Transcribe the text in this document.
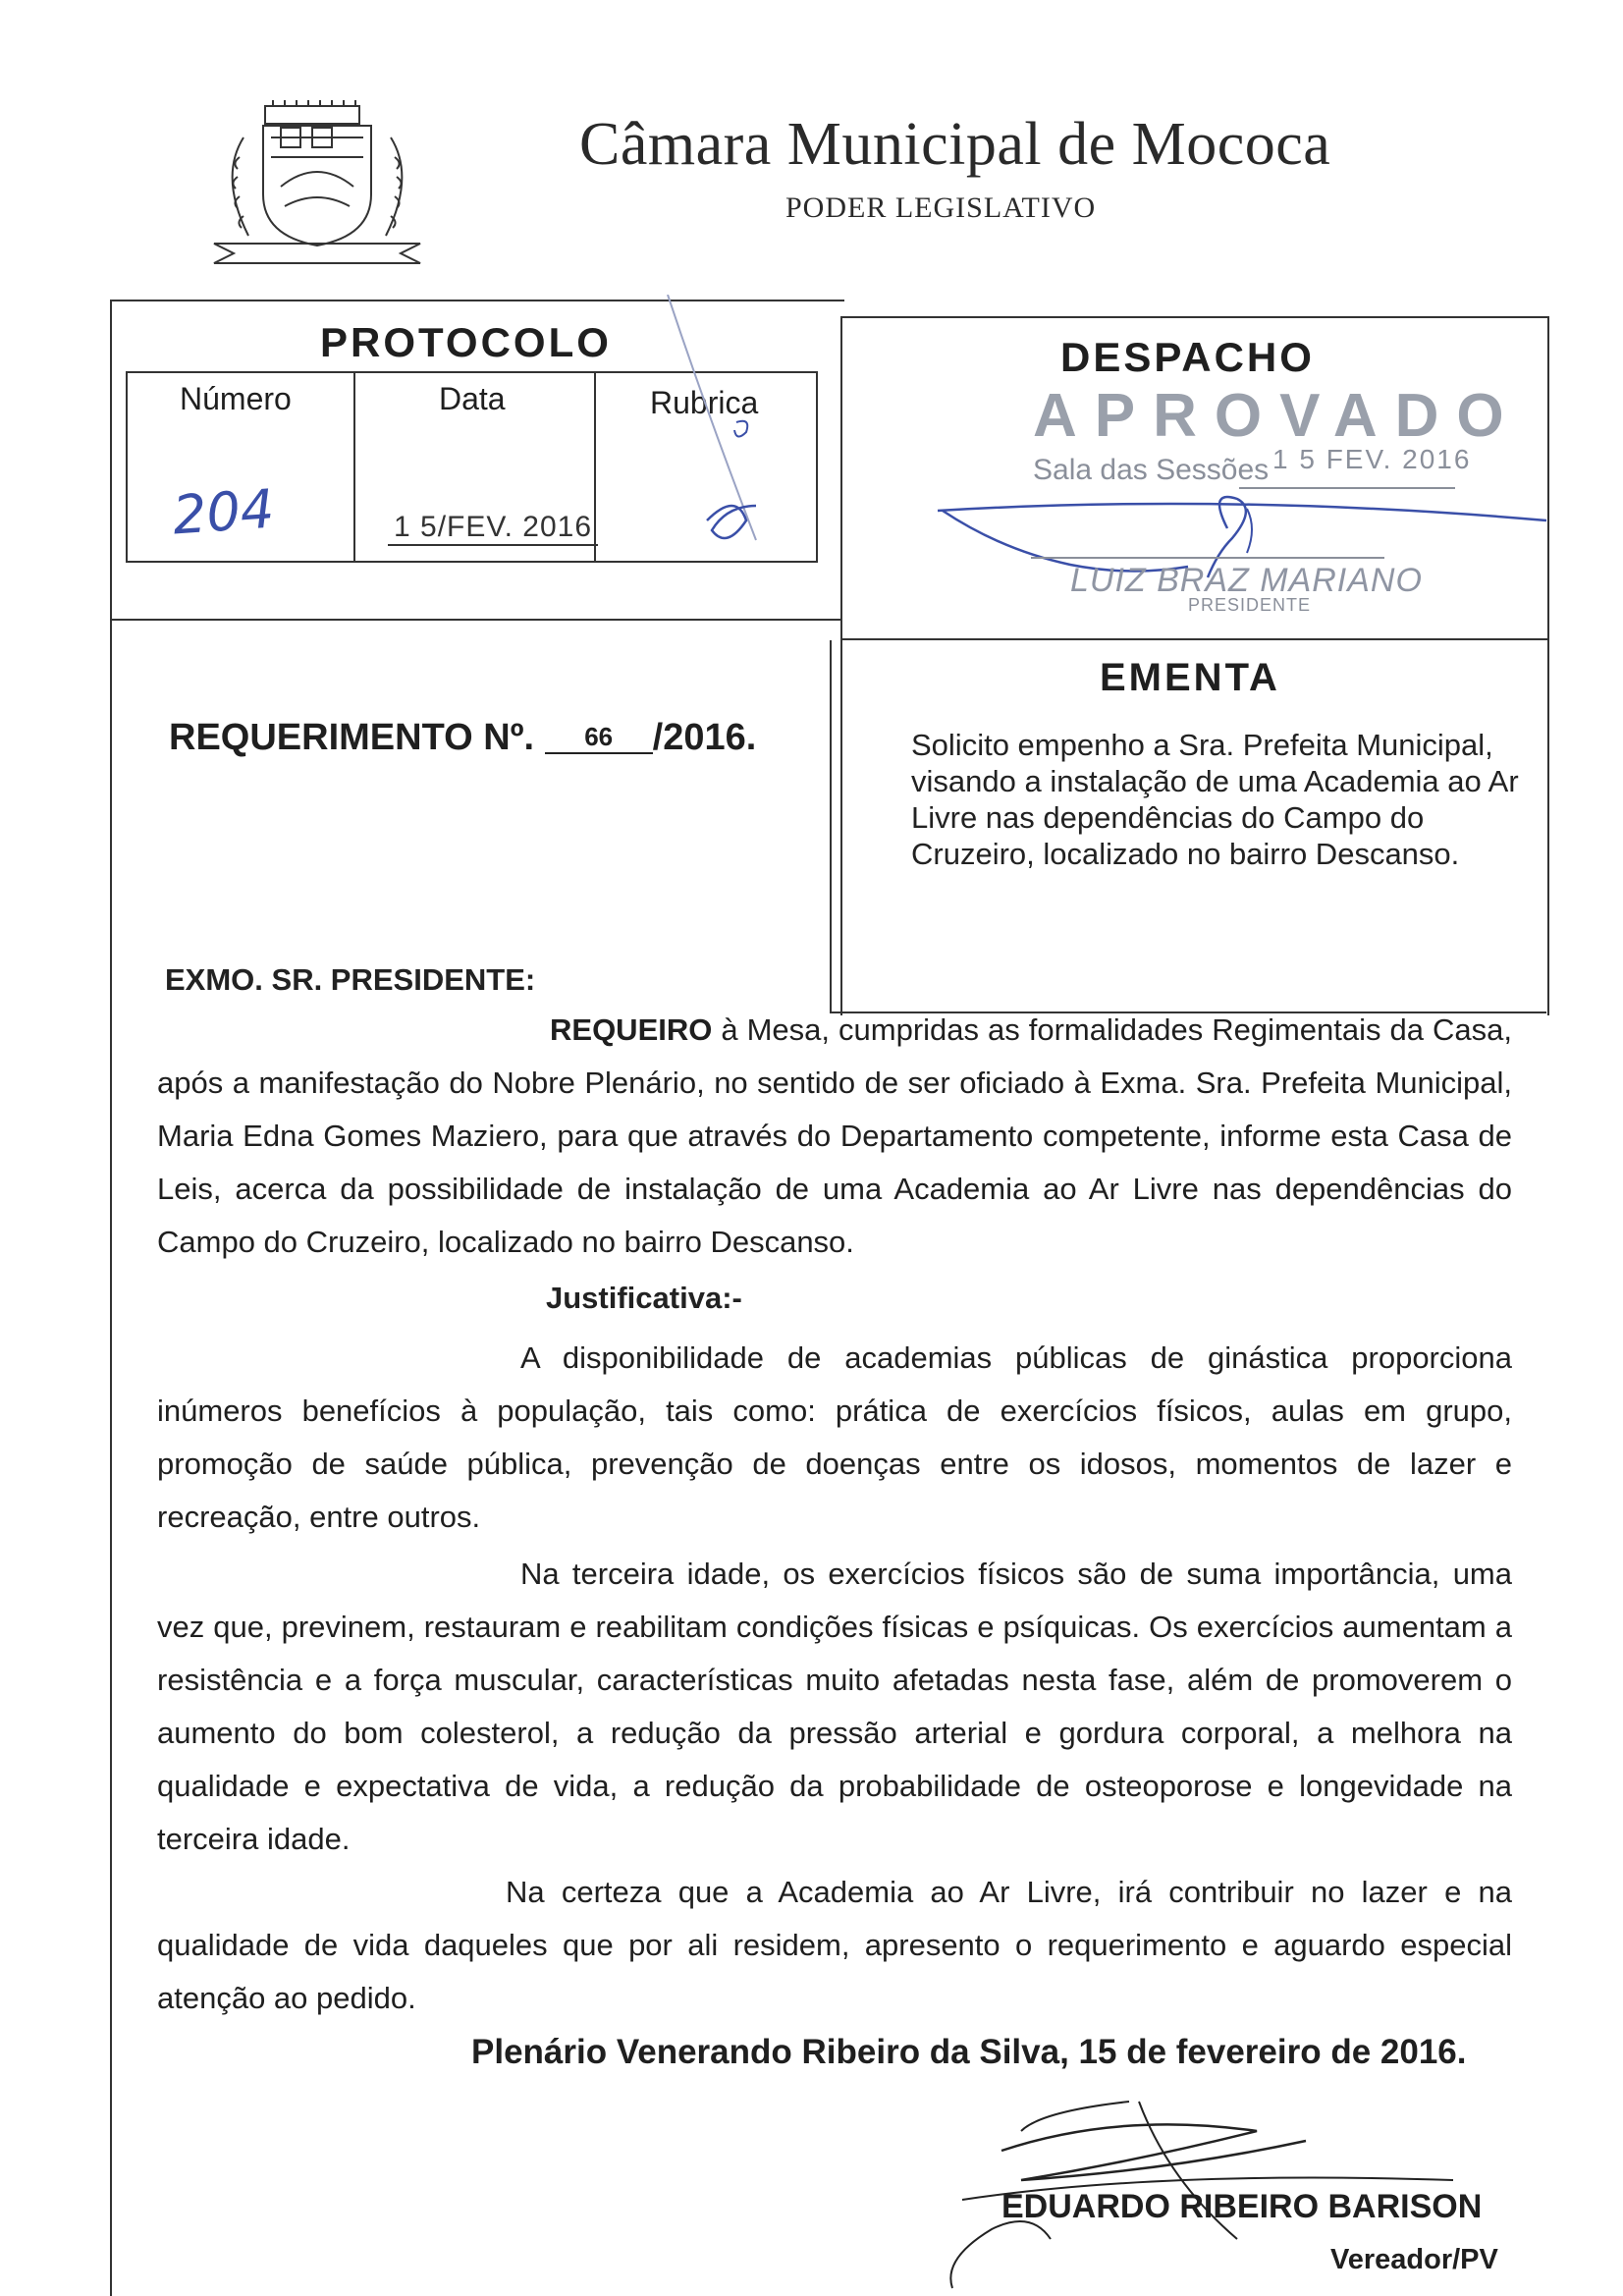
Câmara Municipal de Mococa
PODER LEGISLATIVO
PROTOCOLO
Número	Data	Rubrica
204	1 5/FEV. 2016
DESPACHO
APROVADO
Sala das Sessões 1 5 FEV. 2016
LUIZ BRAZ MARIANO
PRESIDENTE
EMENTA
Solicito empenho a Sra. Prefeita Municipal, visando a instalação de uma Academia ao Ar Livre nas dependências do Campo do Cruzeiro, localizado no bairro Descanso.
REQUERIMENTO Nº. 66 /2016.
EXMO. SR. PRESIDENTE:
REQUEIRO à Mesa, cumpridas as formalidades Regimentais da Casa, após a manifestação do Nobre Plenário, no sentido de ser oficiado à Exma. Sra. Prefeita Municipal, Maria Edna Gomes Maziero, para que através do Departamento competente, informe esta Casa de Leis, acerca da possibilidade de instalação de uma Academia ao Ar Livre nas dependências do Campo do Cruzeiro, localizado no bairro Descanso.
Justificativa:-
A disponibilidade de academias públicas de ginástica proporciona inúmeros benefícios à população, tais como: prática de exercícios físicos, aulas em grupo, promoção de saúde pública, prevenção de doenças entre os idosos, momentos de lazer e recreação, entre outros.
Na terceira idade, os exercícios físicos são de suma importância, uma vez que, previnem, restauram e reabilitam condições físicas e psíquicas. Os exercícios aumentam a resistência e a força muscular, características muito afetadas nesta fase, além de promoverem o aumento do bom colesterol, a redução da pressão arterial e gordura corporal, a melhora na qualidade e expectativa de vida, a redução da probabilidade de osteoporose e longevidade na terceira idade.
Na certeza que a Academia ao Ar Livre, irá contribuir no lazer e na qualidade de vida daqueles que por ali residem, apresento o requerimento e aguardo especial atenção ao pedido.
Plenário Venerando Ribeiro da Silva, 15 de fevereiro de 2016.
EDUARDO RIBEIRO BARISON
Vereador/PV
